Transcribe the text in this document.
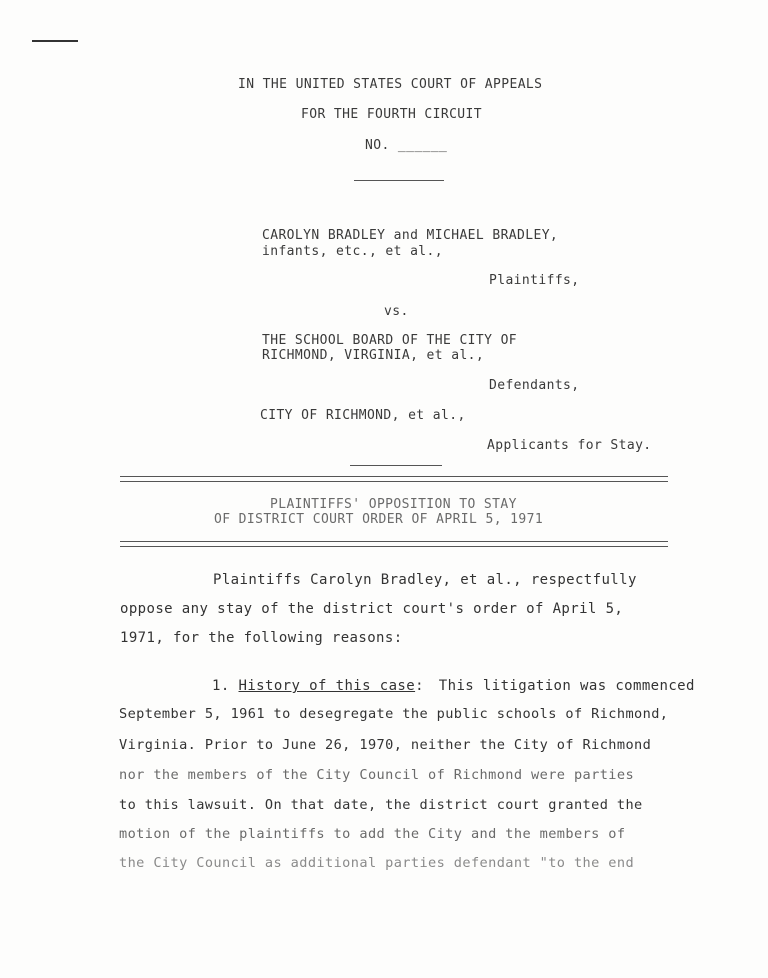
IN THE UNITED STATES COURT OF APPEALS
FOR THE FOURTH CIRCUIT
NO. ______
CAROLYN BRADLEY and MICHAEL BRADLEY,
infants, etc., et al.,
Plaintiffs,
vs.
THE SCHOOL BOARD OF THE CITY OF
RICHMOND, VIRGINIA, et al.,
Defendants,
CITY OF RICHMOND, et al.,
Applicants for Stay.
PLAINTIFFS' OPPOSITION TO STAY
OF DISTRICT COURT ORDER OF APRIL 5, 1971
Plaintiffs Carolyn Bradley, et al., respectfully
oppose any stay of the district court's order of April 5,
1971, for the following reasons:
1. History of this case: This litigation was commenced
September 5, 1961 to desegregate the public schools of Richmond,
Virginia. Prior to June 26, 1970, neither the City of Richmond
nor the members of the City Council of Richmond were parties
to this lawsuit. On that date, the district court granted the
motion of the plaintiffs to add the City and the members of
the City Council as additional parties defendant "to the end
